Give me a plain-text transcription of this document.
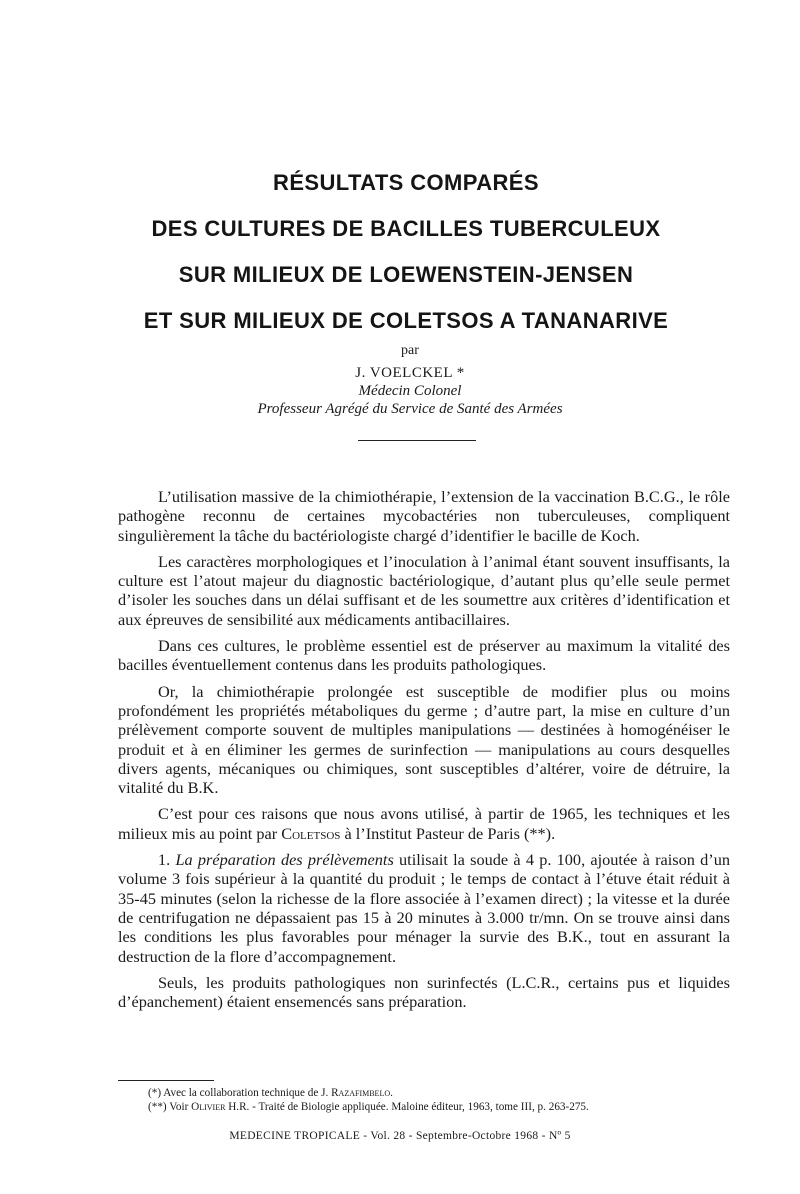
RÉSULTATS COMPARÉS
DES CULTURES DE BACILLES TUBERCULEUX
SUR MILIEUX DE LOEWENSTEIN-JENSEN
ET SUR MILIEUX DE COLETSOS A TANANARIVE
par
J. VOELCKEL *
Médecin Colonel
Professeur Agrégé du Service de Santé des Armées

L’utilisation massive de la chimiothérapie, l’extension de la vaccination B.C.G., le rôle pathogène reconnu de certaines mycobactéries non tuberculeuses, compliquent singulièrement la tâche du bactériologiste chargé d’identifier le bacille de Koch.

Les caractères morphologiques et l’inoculation à l’animal étant souvent insuffisants, la culture est l’atout majeur du diagnostic bactériologique, d’autant plus qu’elle seule permet d’isoler les souches dans un délai suffisant et de les soumettre aux critères d’identification et aux épreuves de sensibilité aux médicaments antibacillaires.

Dans ces cultures, le problème essentiel est de préserver au maximum la vitalité des bacilles éventuellement contenus dans les produits pathologiques.

Or, la chimiothérapie prolongée est susceptible de modifier plus ou moins profondément les propriétés métaboliques du germe ; d’autre part, la mise en culture d’un prélèvement comporte souvent de multiples manipulations — destinées à homogénéiser le produit et à en éliminer les germes de surinfection — manipulations au cours desquelles divers agents, mécaniques ou chimiques, sont susceptibles d’altérer, voire de détruire, la vitalité du B.K.

C’est pour ces raisons que nous avons utilisé, à partir de 1965, les techniques et les milieux mis au point par Coletsos à l’Institut Pasteur de Paris (**).

1. La préparation des prélèvements utilisait la soude à 4 p. 100, ajoutée à raison d’un volume 3 fois supérieur à la quantité du produit ; le temps de contact à l’étuve était réduit à 35-45 minutes (selon la richesse de la flore associée à l’examen direct) ; la vitesse et la durée de centrifugation ne dépassaient pas 15 à 20 minutes à 3.000 tr/mn. On se trouve ainsi dans les conditions les plus favorables pour ménager la survie des B.K., tout en assurant la destruction de la flore d’accompagnement.

Seuls, les produits pathologiques non surinfectés (L.C.R., certains pus et liquides d’épanchement) étaient ensemencés sans préparation.

(*) Avec la collaboration technique de J. Razafimbelo.
(**) Voir Olivier H.R. - Traité de Biologie appliquée. Maloine éditeur, 1963, tome III, p. 263-275.
MEDECINE TROPICALE - Vol. 28 - Septembre-Octobre 1968 - Nº 5
